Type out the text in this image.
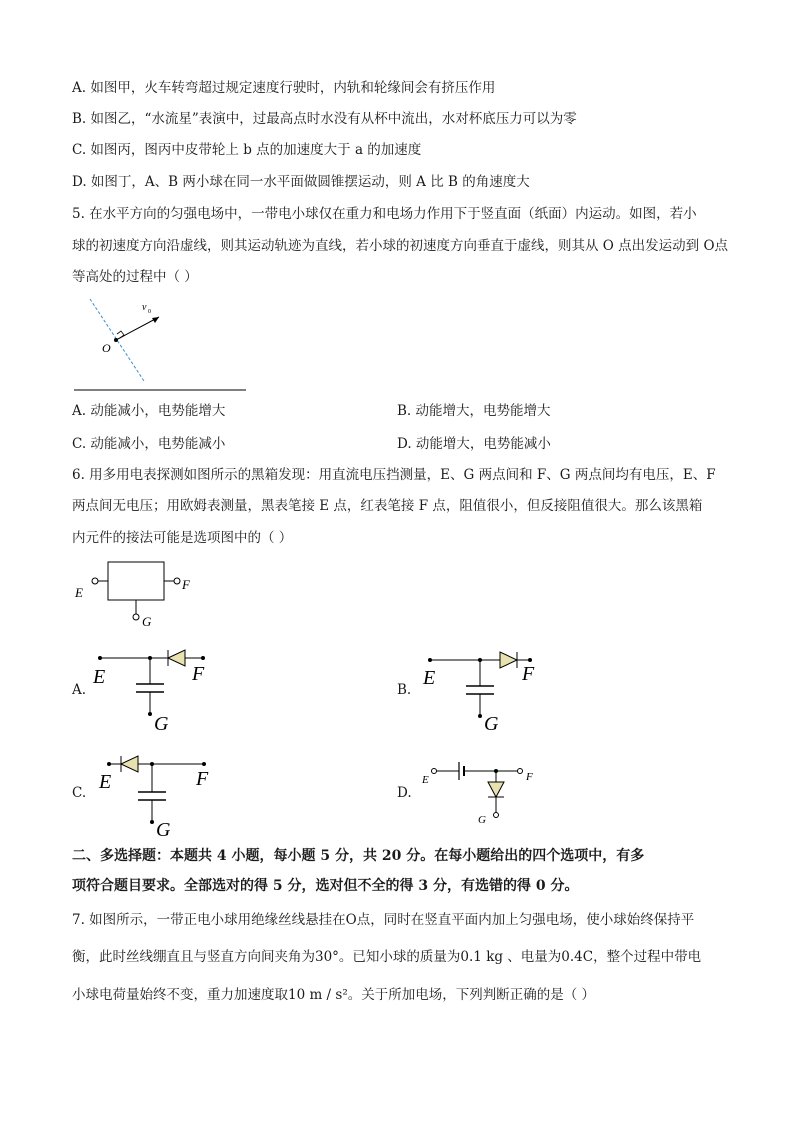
A. 如图甲，火车转弯超过规定速度行驶时，内轨和轮缘间会有挤压作用
B. 如图乙，“水流星”表演中，过最高点时水没有从杯中流出，水对杯底压力可以为零
C. 如图丙，图丙中皮带轮上 b 点的加速度大于 a 的加速度
D. 如图丁，A、B 两小球在同一水平面做圆锥摆运动，则 A 比 B 的角速度大
5. 在水平方向的匀强电场中，一带电小球仅在重力和电场力作用下于竖直面（纸面）内运动。如图，若小
球的初速度方向沿虚线，则其运动轨迹为直线，若小球的初速度方向垂直于虚线，则其从 O 点出发运动到 O点
等高处的过程中（ ）
O
v 0
A. 动能减小，电势能增大	B. 动能增大，电势能增大
C. 动能减小，电势能减小	D. 动能增大，电势能减小
6. 用多用电表探测如图所示的黑箱发现：用直流电压挡测量，E、G 两点间和 F、G 两点间均有电压，E、F
两点间无电压；用欧姆表测量，黑表笔接 E 点，红表笔接 F 点，阻值很小，但反接阻值很大。那么该黑箱
内元件的接法可能是选项图中的（ ）
E
F
G
A.
E	F
G
B.
E	F
G
C. E	F
G
D.
E	F
G
二、多选择题：本题共 4 小题，每小题 5 分，共 20 分。在每小题给出的四个选项中，有多
项符合题目要求。全部选对的得 5 分，选对但不全的得 3 分，有选错的得 0 分。
7. 如图所示，一带正电小球用绝缘丝线悬挂在O点，同时在竖直平面内加上匀强电场，使小球始终保持平
衡，此时丝线绷直且与竖直方向间夹角为30°。已知小球的质量为0.1 kg 、电量为0.4C，整个过程中带电
小球电荷量始终不变，重力加速度取10 m / s²。关于所加电场，下列判断正确的是（ ）
